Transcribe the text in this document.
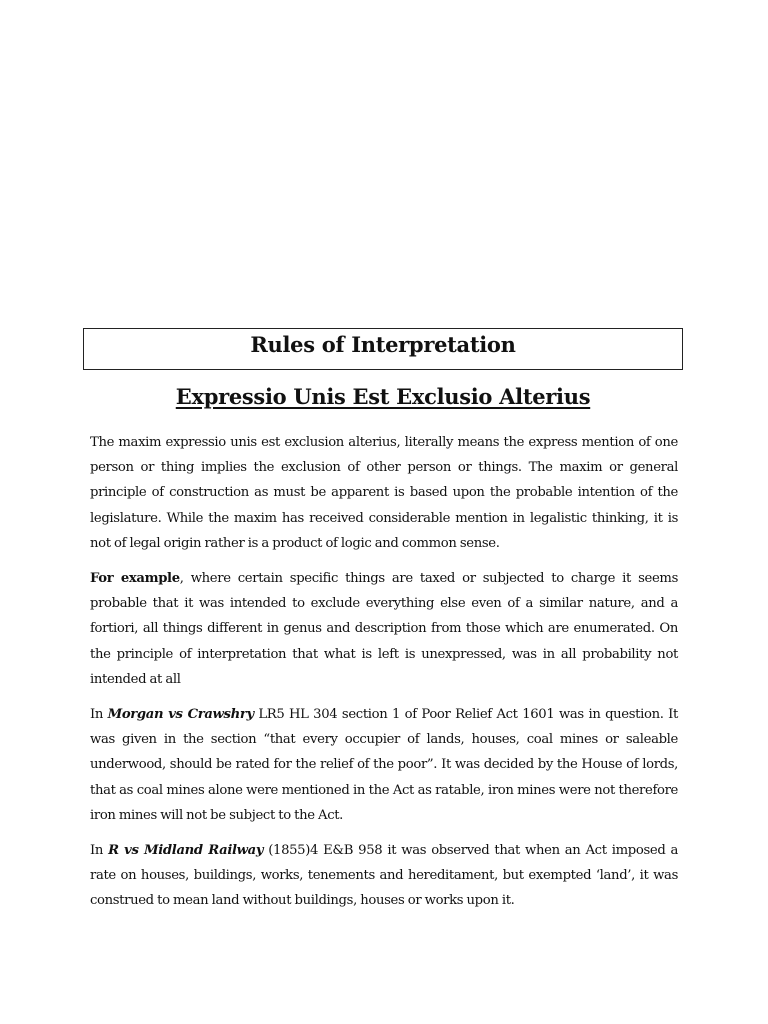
Rules of Interpretation
Expressio Unis Est Exclusio Alterius

The maxim expressio unis est exclusion alterius, literally means the express mention of one person or thing implies the exclusion of other person or things. The maxim or general principle of construction as must be apparent is based upon the probable intention of the legislature. While the maxim has received considerable mention in legalistic thinking, it is not of legal origin rather is a product of logic and common sense.

For example, where certain specific things are taxed or subjected to charge it seems probable that it was intended to exclude everything else even of a similar nature, and a fortiori, all things different in genus and description from those which are enumerated. On the principle of interpretation that what is left is unexpressed, was in all probability not intended at all

In Morgan vs Crawshry LR5 HL 304 section 1 of Poor Relief Act 1601 was in question. It was given in the section “that every occupier of lands, houses, coal mines or saleable underwood, should be rated for the relief of the poor”. It was decided by the House of lords, that as coal mines alone were mentioned in the Act as ratable, iron mines were not therefore iron mines will not be subject to the Act.

In R vs Midland Railway (1855)4 E&B 958 it was observed that when an Act imposed a rate on houses, buildings, works, tenements and hereditament, but exempted ‘land’, it was construed to mean land without buildings, houses or works upon it.
